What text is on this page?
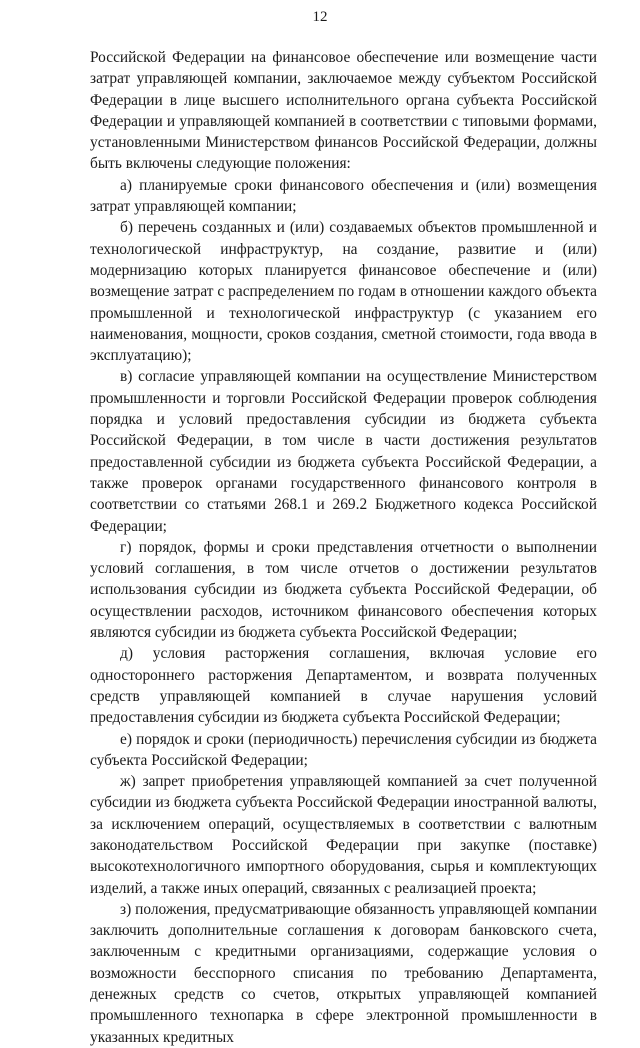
12

Российской Федерации на финансовое обеспечение или возмещение части затрат управляющей компании, заключаемое между субъектом Российской Федерации в лице высшего исполнительного органа субъекта Российской Федерации и управляющей компанией в соответствии с типовыми формами, установленными Министерством финансов Российской Федерации, должны быть включены следующие положения:

а) планируемые сроки финансового обеспечения и (или) возмещения затрат управляющей компании;

б) перечень созданных и (или) создаваемых объектов промышленной и технологической инфраструктур, на создание, развитие и (или) модернизацию которых планируется финансовое обеспечение и (или) возмещение затрат с распределением по годам в отношении каждого объекта промышленной и технологической инфраструктур (с указанием его наименования, мощности, сроков создания, сметной стоимости, года ввода в эксплуатацию);

в) согласие управляющей компании на осуществление Министерством промышленности и торговли Российской Федерации проверок соблюдения порядка и условий предоставления субсидии из бюджета субъекта Российской Федерации, в том числе в части достижения результатов предоставленной субсидии из бюджета субъекта Российской Федерации, а также проверок органами государственного финансового контроля в соответствии со статьями 268.1 и 269.2 Бюджетного кодекса Российской Федерации;

г) порядок, формы и сроки представления отчетности о выполнении условий соглашения, в том числе отчетов о достижении результатов использования субсидии из бюджета субъекта Российской Федерации, об осуществлении расходов, источником финансового обеспечения которых являются субсидии из бюджета субъекта Российской Федерации;

д) условия расторжения соглашения, включая условие его одностороннего расторжения Департаментом, и возврата полученных средств управляющей компанией в случае нарушения условий предоставления субсидии из бюджета субъекта Российской Федерации;

е) порядок и сроки (периодичность) перечисления субсидии из бюджета субъекта Российской Федерации;

ж) запрет приобретения управляющей компанией за счет полученной субсидии из бюджета субъекта Российской Федерации иностранной валюты, за исключением операций, осуществляемых в соответствии с валютным законодательством Российской Федерации при закупке (поставке) высокотехнологичного импортного оборудования, сырья и комплектующих изделий, а также иных операций, связанных с реализацией проекта;

з) положения, предусматривающие обязанность управляющей компании заключить дополнительные соглашения к договорам банковского счета, заключенным с кредитными организациями, содержащие условия о возможности бесспорного списания по требованию Департамента, денежных средств со счетов, открытых управляющей компанией промышленного технопарка в сфере электронной промышленности в указанных кредитных
